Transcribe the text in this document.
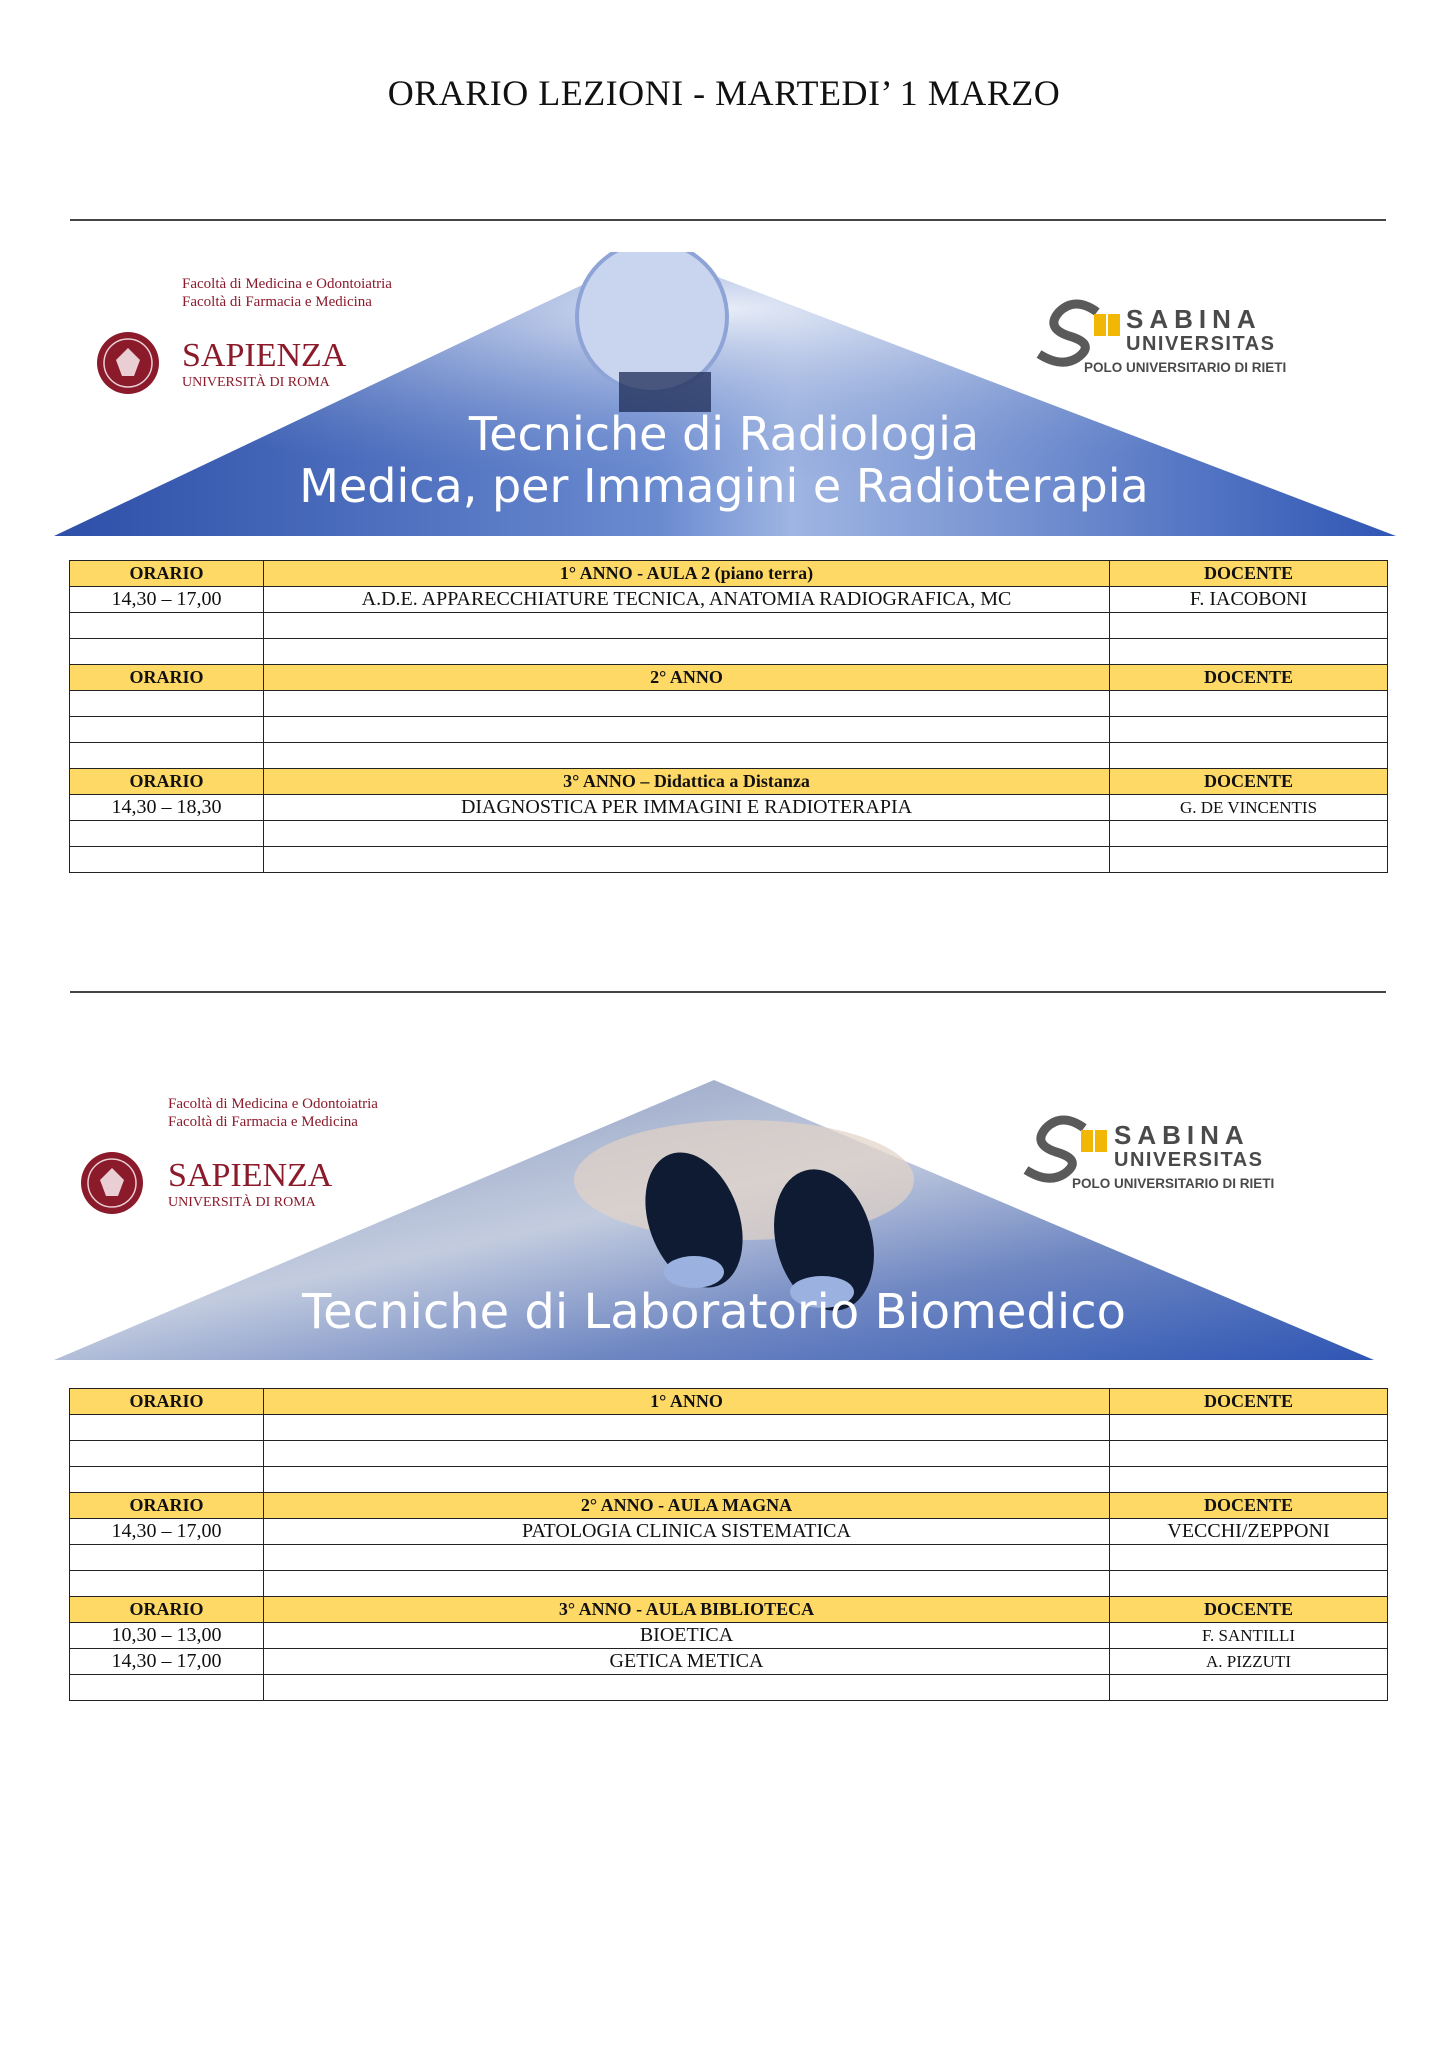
ORARIO LEZIONI - MARTEDI’ 1 MARZO
Facoltà di Medicina e Odontoiatria
Facoltà di Farmacia e Medicina
SAPIENZA
UNIVERSITÀ DI ROMA
SABINA
UNIVERSITAS
POLO UNIVERSITARIO DI RIETI
Tecniche di Radiologia
Medica, per Immagini e Radioterapia
ORARIO	1° ANNO - AULA 2 (piano terra)	DOCENTE
14,30 – 17,00	A.D.E. APPARECCHIATURE TECNICA, ANATOMIA RADIOGRAFICA, MC	F. IACOBONI

ORARIO	2° ANNO	DOCENTE

ORARIO	3° ANNO – Didattica a Distanza	DOCENTE
14,30 – 18,30	DIAGNOSTICA PER IMMAGINI E RADIOTERAPIA	G. DE VINCENTIS

Facoltà di Medicina e Odontoiatria
Facoltà di Farmacia e Medicina
SAPIENZA
UNIVERSITÀ DI ROMA
SABINA
UNIVERSITAS
POLO UNIVERSITARIO DI RIETI
Tecniche di Laboratorio Biomedico
ORARIO	1° ANNO	DOCENTE

ORARIO	2° ANNO - AULA MAGNA	DOCENTE
14,30 – 17,00	PATOLOGIA CLINICA SISTEMATICA	VECCHI/ZEPPONI

ORARIO	3° ANNO - AULA BIBLIOTECA	DOCENTE
10,30 – 13,00	BIOETICA	F. SANTILLI
14,30 – 17,00	GETICA METICA	A. PIZZUTI
